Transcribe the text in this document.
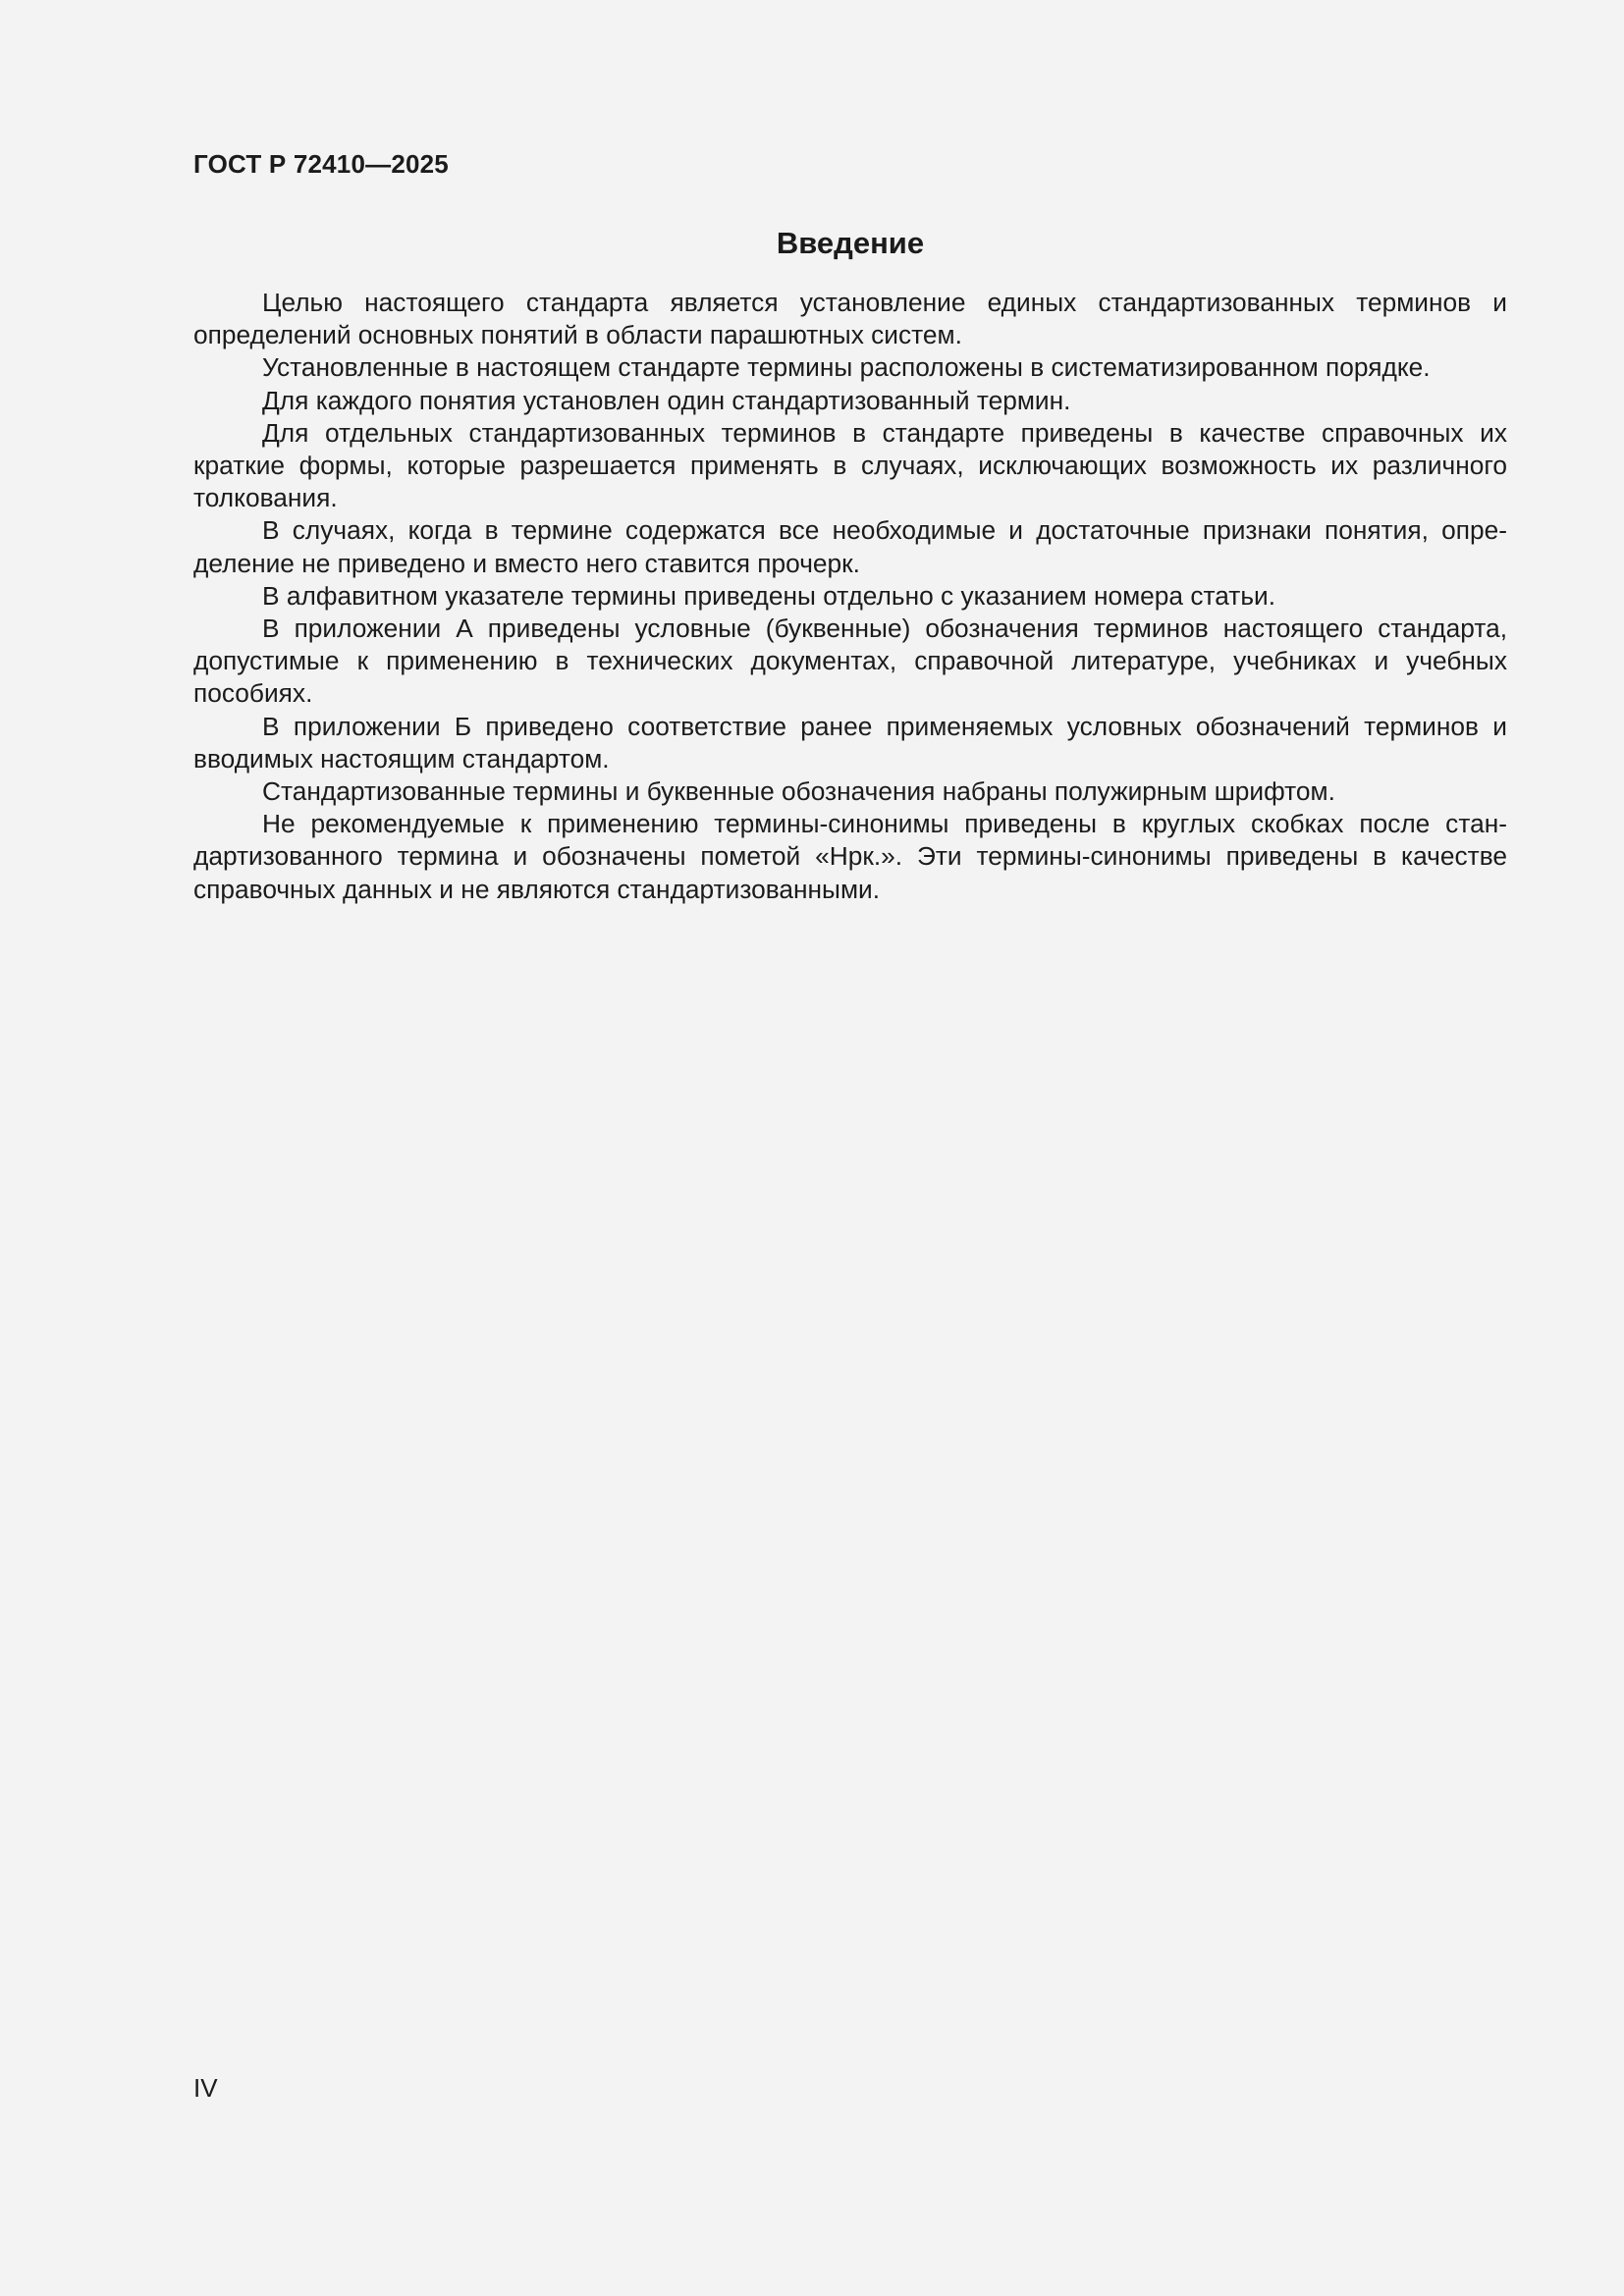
ГОСТ Р 72410—2025
Введение

Целью настоящего стандарта является установление единых стандартизованных терминов и определений основных понятий в области парашютных систем.

Установленные в настоящем стандарте термины расположены в систематизированном порядке.

Для каждого понятия установлен один стандартизованный термин.

Для отдельных стандартизованных терминов в стандарте приведены в качестве справочных их краткие формы, которые разрешается применять в случаях, исключающих возможность их различного толкования.

В случаях, когда в термине содержатся все необходимые и достаточные признаки понятия, определение не приведено и вместо него ставится прочерк.

В алфавитном указателе термины приведены отдельно с указанием номера статьи.

В приложении А приведены условные (буквенные) обозначения терминов настоящего стандарта, допустимые к применению в технических документах, справочной литературе, учебниках и учебных пособиях.

В приложении Б приведено соответствие ранее применяемых условных обозначений терминов и вводимых настоящим стандартом.

Стандартизованные термины и буквенные обозначения набраны полужирным шрифтом.

Не рекомендуемые к применению термины-синонимы приведены в круглых скобках после стандартизованного термина и обозначены пометой «Нрк.». Эти термины-синонимы приведены в качестве справочных данных и не являются стандартизованными.

IV
